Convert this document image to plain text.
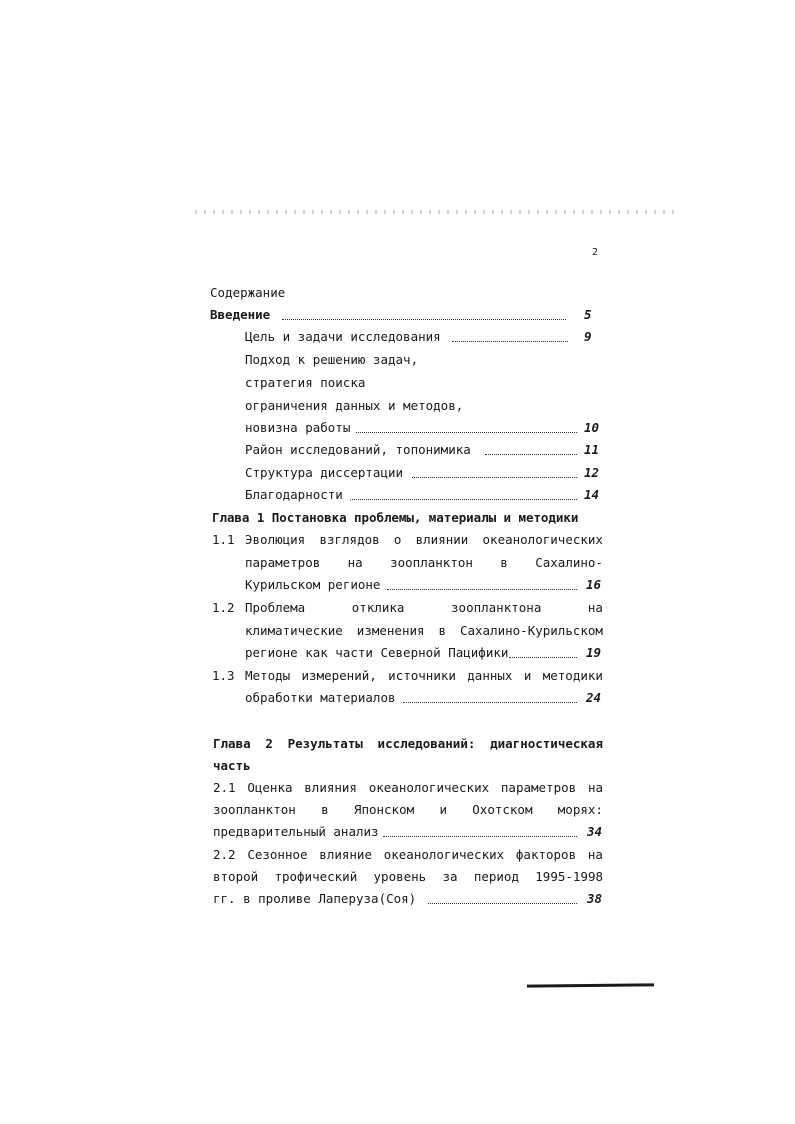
2
Содержание
Введение	5
Цель и задачи исследования	9
Подход к решению задач,
стратегия поиска
ограничения данных и методов,
новизна работы	10
Район исследований, топонимика	11
Структура диссертации	12
Благодарности	14
Глава 1 Постановка проблемы, материалы и методики
1.1 Эволюция взглядов о влиянии океанологических
параметров на зоопланктон в Сахалино-
Курильском регионе	16
1.2 Проблема	отклика	зоопланктона	на
климатические изменения в Сахалино-Курильском
регионе как части Северной Пацифики	19
1.3 Методы измерений, источники данных и методики
обработки материалов	24
Глава 2 Результаты исследований: диагностическая
часть
2.1 Оценка влияния океанологических параметров на
зоопланктон в Японском и Охотском морях:
предварительный анализ	34
2.2 Сезонное влияние океанологических факторов на
второй трофический уровень за период 1995-1998
гг. в проливе Лаперуза(Соя)	38
